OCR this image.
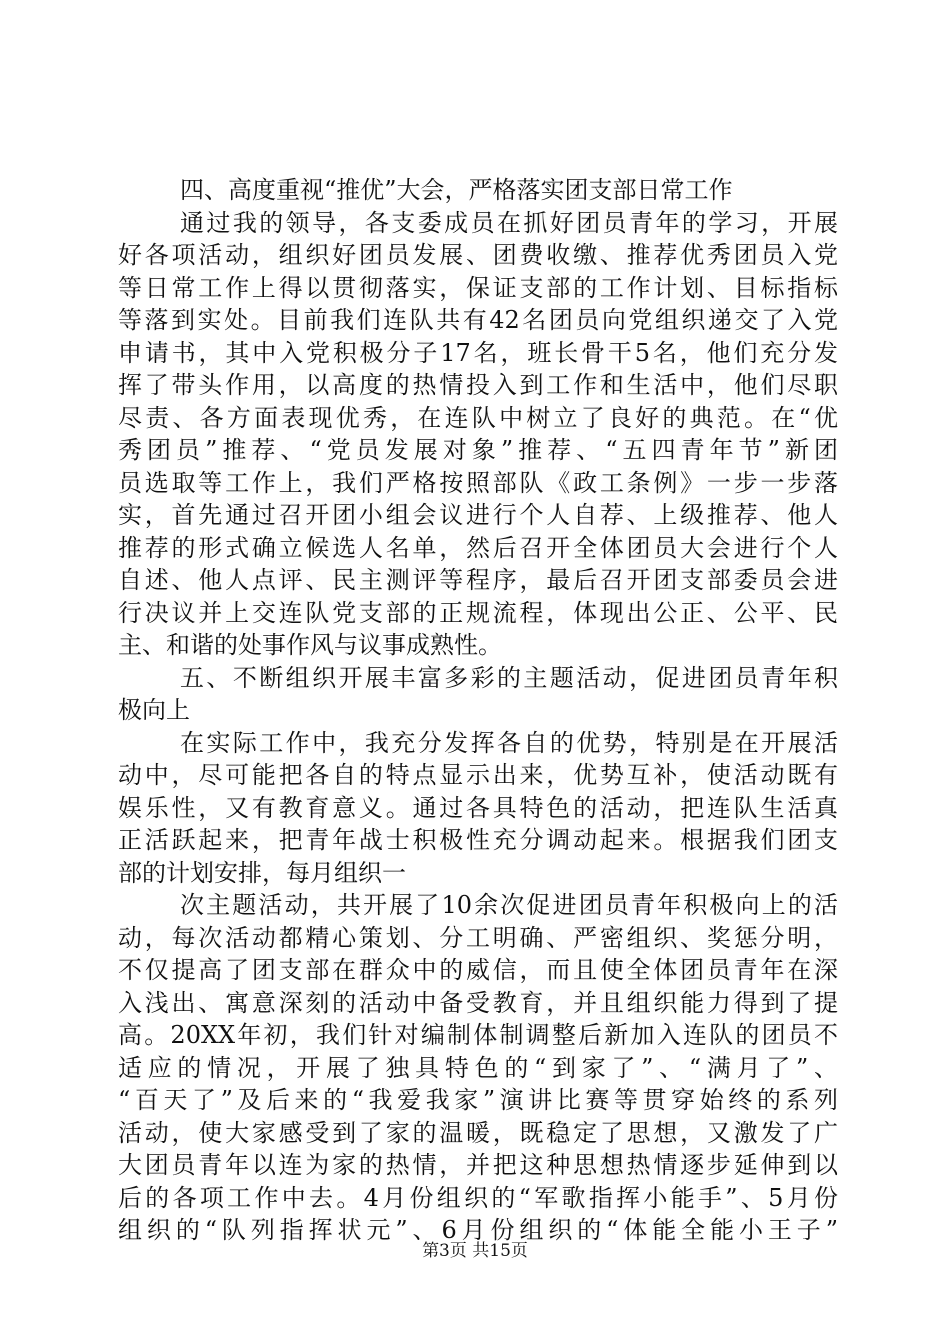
四、高度重视“推优”大会，严格落实团支部日常工作
通过我的领导，各支委成员在抓好团员青年的学习，开展
好各项活动，组织好团员发展、团费收缴、推荐优秀团员入党
等日常工作上得以贯彻落实，保证支部的工作计划、目标指标
等落到实处。目前我们连队共有42名团员向党组织递交了入党
申请书，其中入党积极分子17名，班长骨干5名，他们充分发
挥了带头作用，以高度的热情投入到工作和生活中，他们尽职
尽责、各方面表现优秀，在连队中树立了良好的典范。在“优
秀团员”推荐、“党员发展对象”推荐、“五四青年节”新团
员选取等工作上，我们严格按照部队《政工条例》一步一步落
实，首先通过召开团小组会议进行个人自荐、上级推荐、他人
推荐的形式确立候选人名单，然后召开全体团员大会进行个人
自述、他人点评、民主测评等程序，最后召开团支部委员会进
行决议并上交连队党支部的正规流程，体现出公正、公平、民
主、和谐的处事作风与议事成熟性。
五、不断组织开展丰富多彩的主题活动，促进团员青年积
极向上
在实际工作中，我充分发挥各自的优势，特别是在开展活
动中，尽可能把各自的特点显示出来，优势互补，使活动既有
娱乐性，又有教育意义。通过各具特色的活动，把连队生活真
正活跃起来，把青年战士积极性充分调动起来。根据我们团支
部的计划安排，每月组织一
次主题活动，共开展了10余次促进团员青年积极向上的活
动，每次活动都精心策划、分工明确、严密组织、奖惩分明，
不仅提高了团支部在群众中的威信，而且使全体团员青年在深
入浅出、寓意深刻的活动中备受教育，并且组织能力得到了提
高。20XX年初，我们针对编制体制调整后新加入连队的团员不
适应的情况，开展了独具特色的“到家了”、“满月了”、
“百天了”及后来的“我爱我家”演讲比赛等贯穿始终的系列
活动，使大家感受到了家的温暖，既稳定了思想，又激发了广
大团员青年以连为家的热情，并把这种思想热情逐步延伸到以
后的各项工作中去。4月份组织的“军歌指挥小能手”、5月份
组织的“队列指挥状元”、6月份组织的“体能全能小王子”
第3页 共15页
